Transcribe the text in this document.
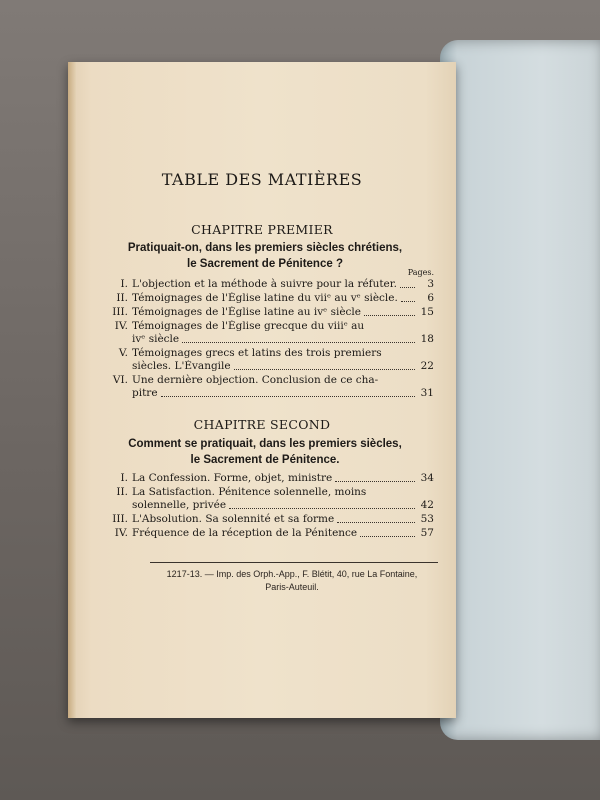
TABLE DES MATIÈRES
CHAPITRE PREMIER
Pratiquait-on, dans les premiers siècles chrétiens,
le Sacrement de Pénitence ?
Pages.
I. L'objection et la méthode à suivre pour la réfuter.	3
II. Témoignages de l'Église latine du viiᵉ au vᵉ siècle.	6
III. Témoignages de l'Église latine au ivᵉ siècle	15
IV. Témoignages de l'Église grecque du viiiᵉ au
ivᵉ siècle	18
V. Témoignages grecs et latins des trois premiers
siècles. L'Évangile	22
VI. Une dernière objection. Conclusion de ce cha-
pitre	31
CHAPITRE SECOND
Comment se pratiquait, dans les premiers siècles,
le Sacrement de Pénitence.
I. La Confession. Forme, objet, ministre	34
II. La Satisfaction. Pénitence solennelle, moins
solennelle, privée	42
III. L'Absolution. Sa solennité et sa forme	53
IV. Fréquence de la réception de la Pénitence	57
1217-13. — Imp. des Orph.-App., F. Blétit, 40, rue La Fontaine,
Paris-Auteuil.
